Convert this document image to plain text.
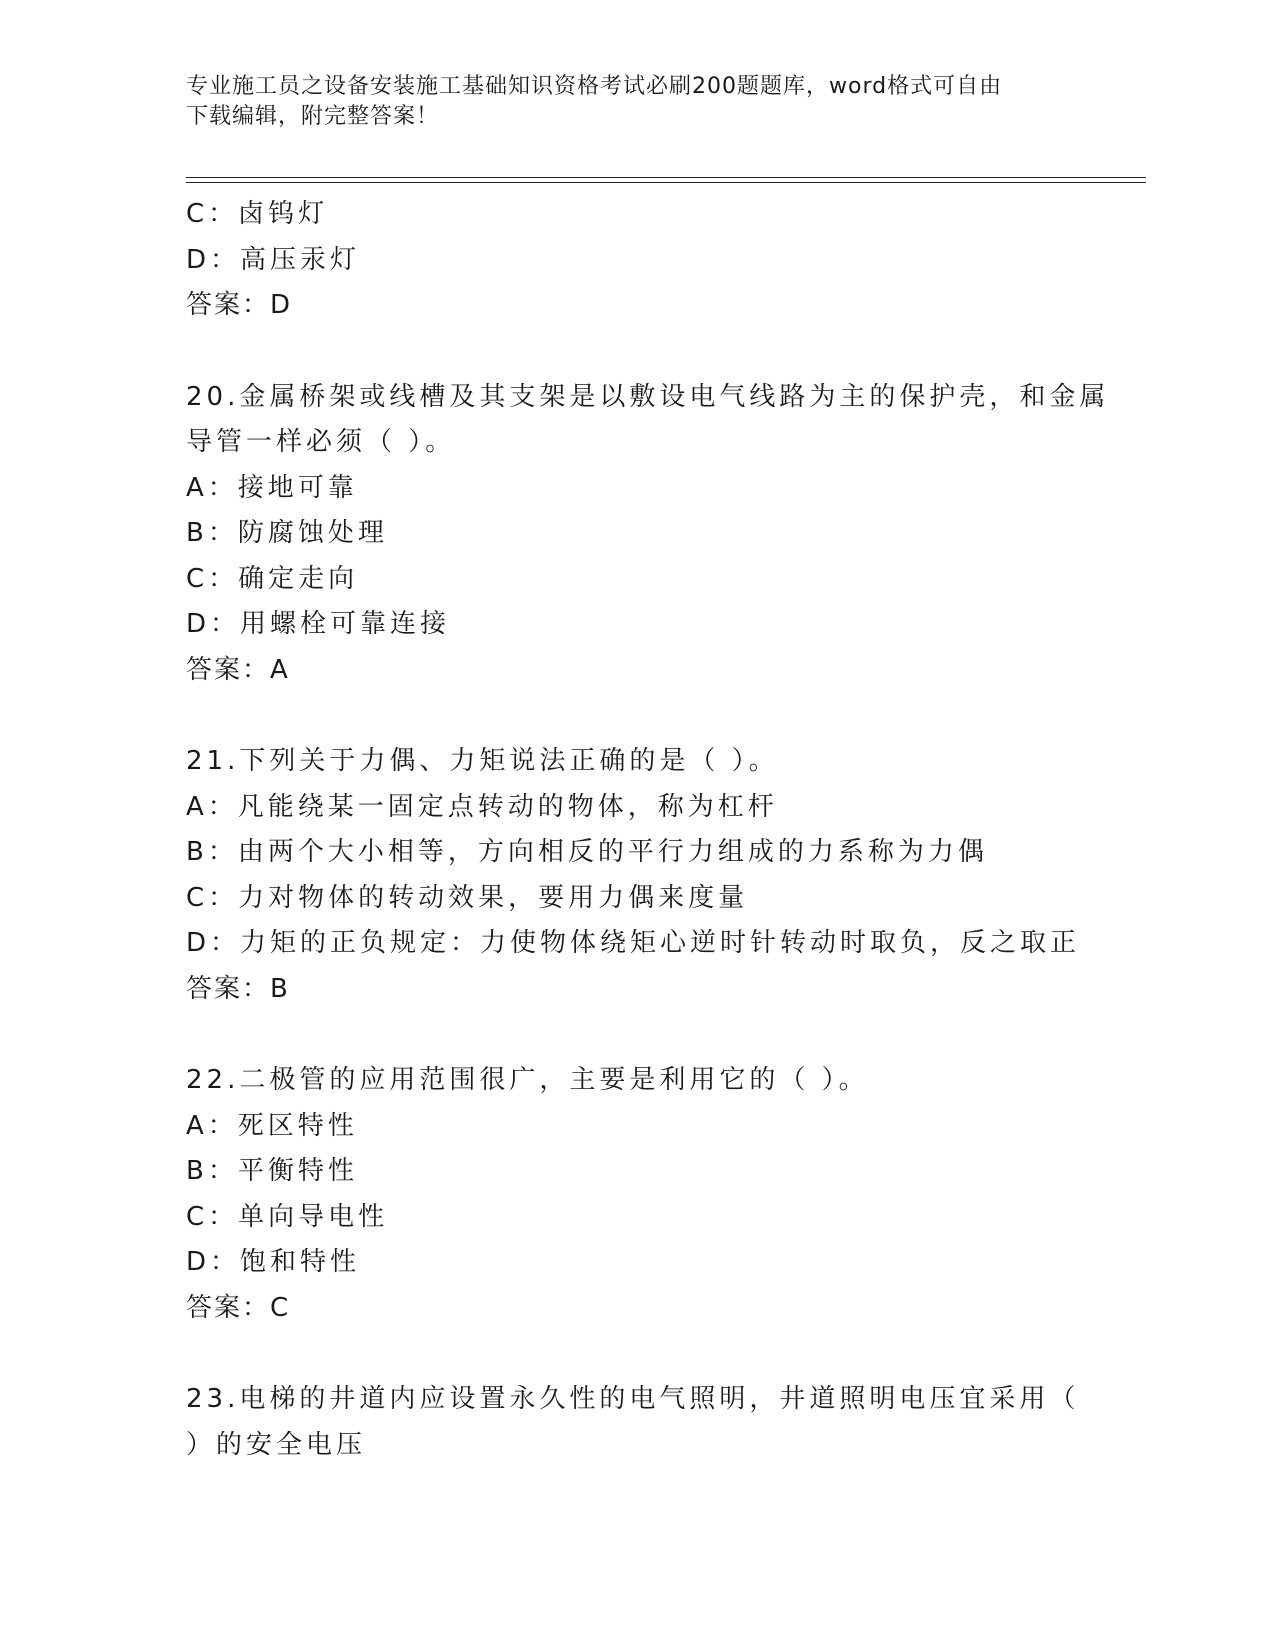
专业施工员之设备安装施工基础知识资格考试必刷200题题库，word格式可自由
下载编辑，附完整答案！
C：卤钨灯
D：高压汞灯
答案：D
20.金属桥架或线槽及其支架是以敷设电气线路为主的保护壳，和金属
导管一样必须（ ）。
A：接地可靠
B：防腐蚀处理
C：确定走向
D：用螺栓可靠连接
答案：A
21.下列关于力偶、力矩说法正确的是（ ）。
A：凡能绕某一固定点转动的物体，称为杠杆
B：由两个大小相等，方向相反的平行力组成的力系称为力偶
C：力对物体的转动效果，要用力偶来度量
D：力矩的正负规定：力使物体绕矩心逆时针转动时取负，反之取正
答案：B
22.二极管的应用范围很广，主要是利用它的（ ）。
A：死区特性
B：平衡特性
C：单向导电性
D：饱和特性
答案：C
23.电梯的井道内应设置永久性的电气照明，井道照明电压宜采用（
）的安全电压
